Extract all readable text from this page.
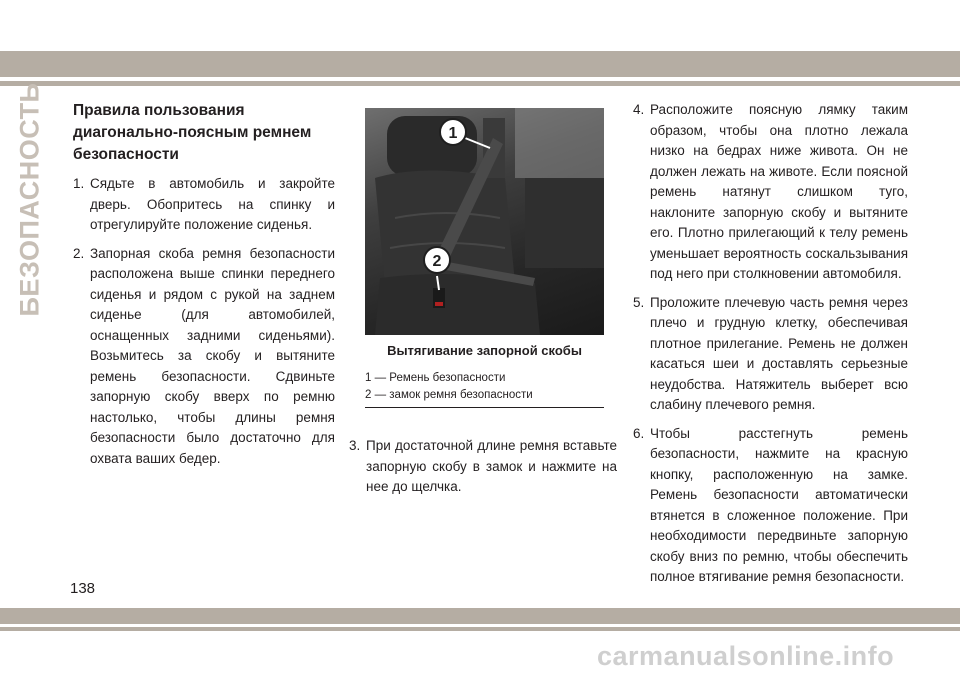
БЕЗОПАСНОСТЬ Правила пользования диагонально-поясным ремнем безопасности
1. Сядьте в автомобиль и закройте дверь. Обопритесь на спинку и отрегулируйте положение сиденья.
2. Запорная скоба ремня безопасности расположена выше спинки переднего сиденья и рядом с рукой на заднем сиденье (для автомобилей, оснащенных задними сиденьями). Возьмитесь за скобу и вытяните ремень безопасности. Сдвиньте запорную скобу вверх по ремню настолько, чтобы длины ремня безопасности было достаточно для охвата ваших бедер.
1
2
Вытягивание запорной скобы
1 — Ремень безопасности
2 — замок ремня безопасности
3. При достаточной длине ремня вставьте запорную скобу в замок и нажмите на нее до щелчка.
4. Расположите поясную лямку таким образом, чтобы она плотно лежала низко на бедрах ниже живота. Он не должен лежать на животе. Если поясной ремень натянут слишком туго, наклоните запорную скобу и вытяните его. Плотно прилегающий к телу ремень уменьшает вероятность соскальзывания под него при столкновении автомобиля.
5. Проложите плечевую часть ремня через плечо и грудную клетку, обеспечивая плотное прилегание. Ремень не должен касаться шеи и доставлять серьезные неудобства. Натяжитель выберет всю слабину плечевого ремня.
6. Чтобы расстегнуть ремень безопасности, нажмите на красную кнопку, расположенную на замке. Ремень безопасности автоматически втянется в сложенное положение. При необходимости передвиньте запорную скобу вниз по ремню, чтобы обеспечить полное втягивание ремня безопасности.
138
carmanualsonline.info
